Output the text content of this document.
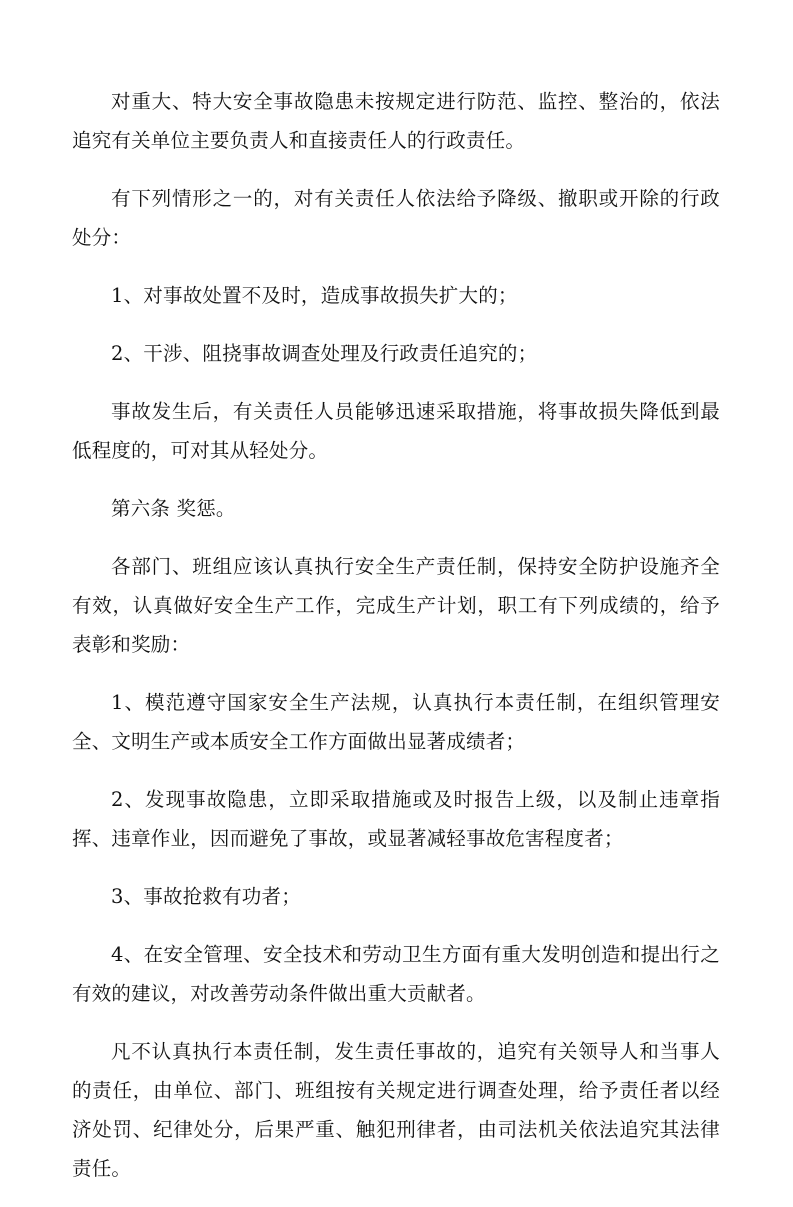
对重大、特大安全事故隐患未按规定进行防范、监控、整治的，依法追究有关单位主要负责人和直接责任人的行政责任。

有下列情形之一的，对有关责任人依法给予降级、撤职或开除的行政处分：

1、对事故处置不及时，造成事故损失扩大的；

2、干涉、阻挠事故调查处理及行政责任追究的；

事故发生后，有关责任人员能够迅速采取措施，将事故损失降低到最低程度的，可对其从轻处分。

第六条 奖惩。

各部门、班组应该认真执行安全生产责任制，保持安全防护设施齐全有效，认真做好安全生产工作，完成生产计划，职工有下列成绩的，给予表彰和奖励：

1、模范遵守国家安全生产法规，认真执行本责任制，在组织管理安全、文明生产或本质安全工作方面做出显著成绩者；

2、发现事故隐患，立即采取措施或及时报告上级，以及制止违章指挥、违章作业，因而避免了事故，或显著减轻事故危害程度者；

3、事故抢救有功者；

4、在安全管理、安全技术和劳动卫生方面有重大发明创造和提出行之有效的建议，对改善劳动条件做出重大贡献者。

凡不认真执行本责任制，发生责任事故的，追究有关领导人和当事人的责任，由单位、部门、班组按有关规定进行调查处理，给予责任者以经济处罚、纪律处分，后果严重、触犯刑律者，由司法机关依法追究其法律责任。
